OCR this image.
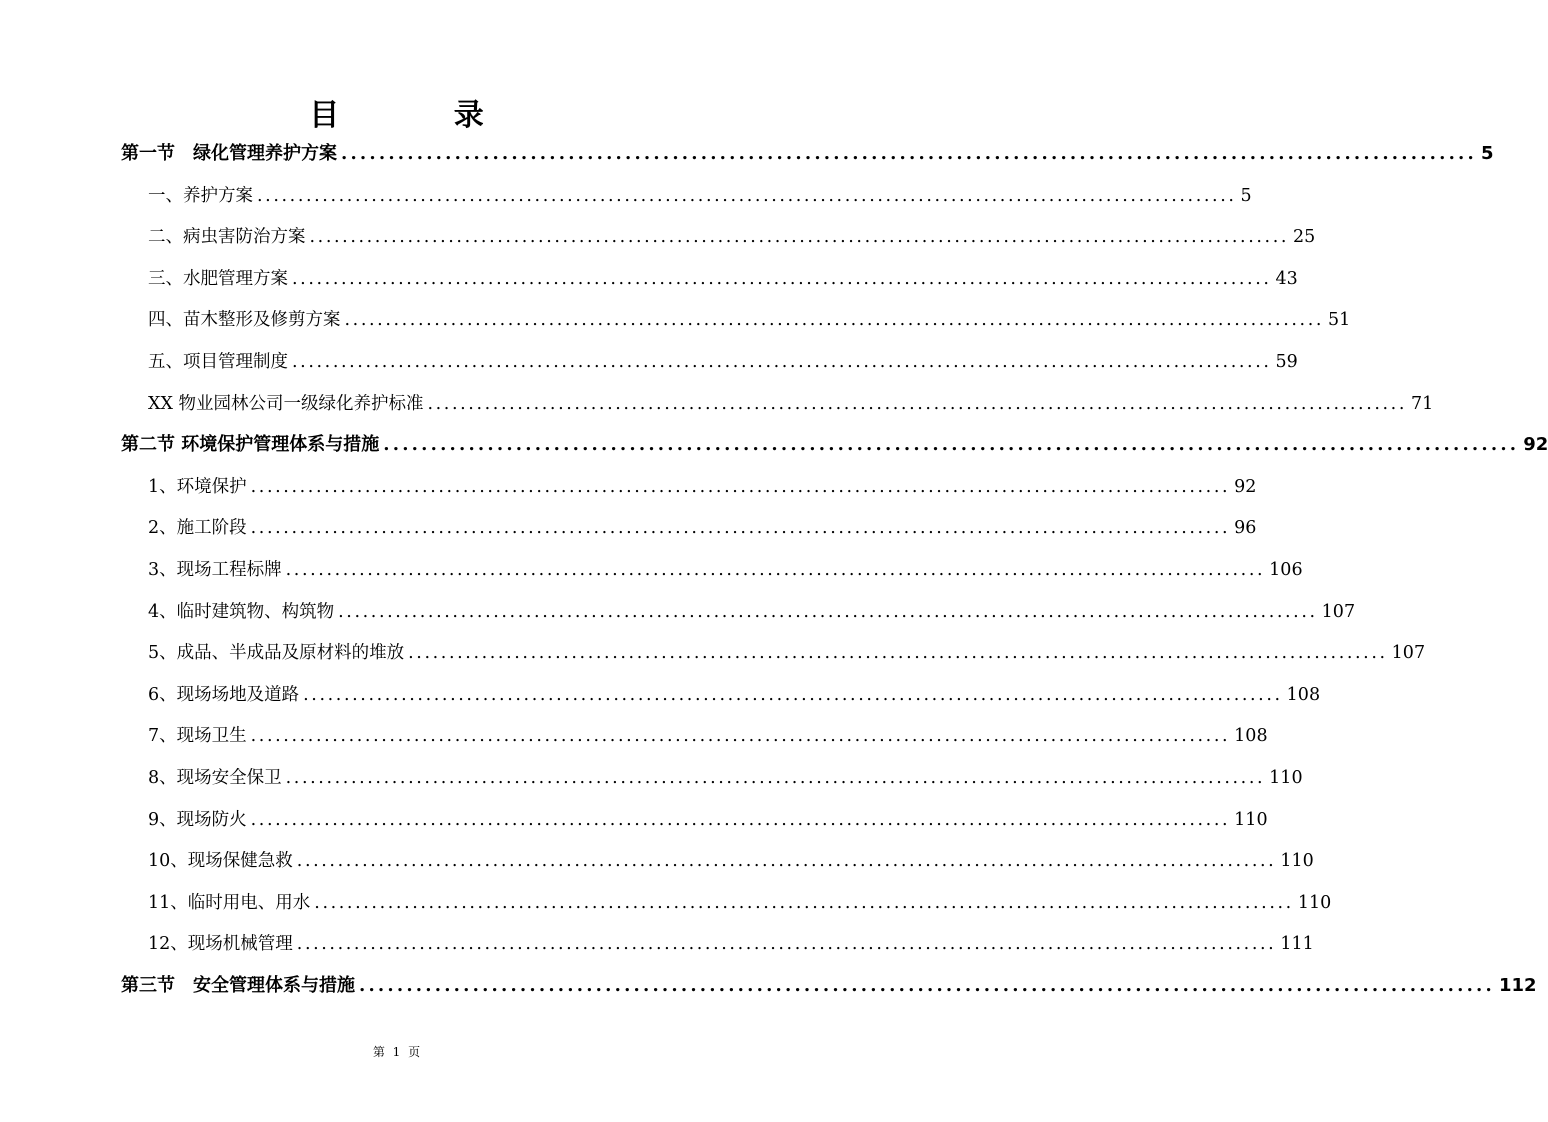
目 录
第一节　绿化管理养护方案 ........................................................................................................................ 5
一、养护方案 ........................................................................................................................ 5
二、病虫害防治方案 ........................................................................................................................ 25
三、水肥管理方案 ........................................................................................................................ 43
四、苗木整形及修剪方案 ........................................................................................................................ 51
五、项目管理制度 ........................................................................................................................ 59
XX 物业园林公司一级绿化养护标准 ........................................................................................................................ 71
第二节 环境保护管理体系与措施 ........................................................................................................................ 92
1、环境保护 ........................................................................................................................ 92
2、施工阶段 ........................................................................................................................ 96
3、现场工程标牌 ........................................................................................................................ 106
4、临时建筑物、构筑物 ........................................................................................................................ 107
5、成品、半成品及原材料的堆放 ........................................................................................................................ 107
6、现场场地及道路 ........................................................................................................................ 108
7、现场卫生 ........................................................................................................................ 108
8、现场安全保卫 ........................................................................................................................ 110
9、现场防火 ........................................................................................................................ 110
10、现场保健急救 ........................................................................................................................ 110
11、临时用电、用水 ........................................................................................................................ 110
12、现场机械管理 ........................................................................................................................ 111
第三节　安全管理体系与措施 ........................................................................................................................ 112
第 1 页
